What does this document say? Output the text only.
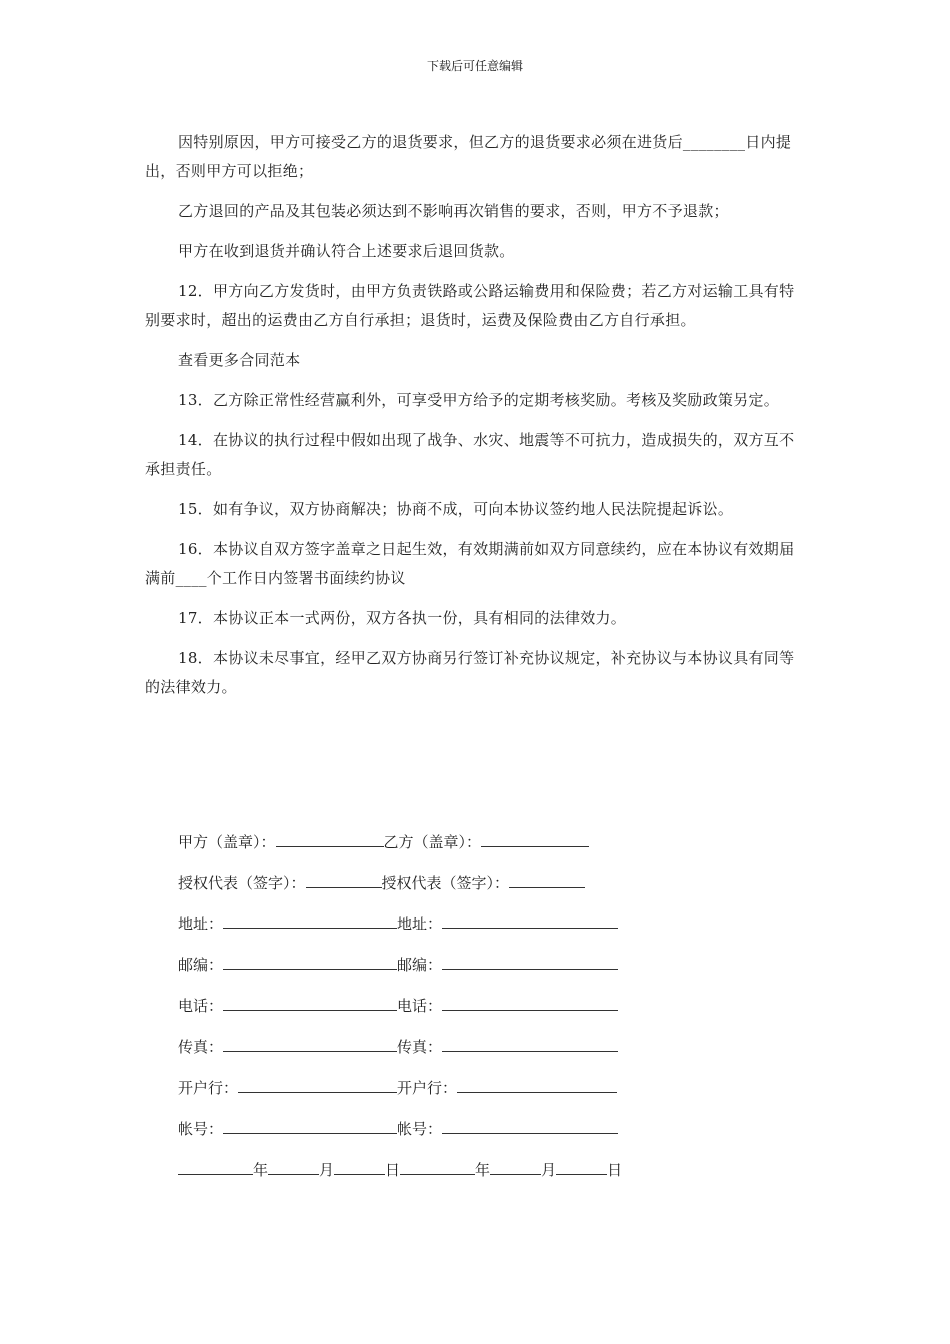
下载后可任意编辑

因特别原因，甲方可接受乙方的退货要求，但乙方的退货要求必须在进货后________日内提出，否则甲方可以拒绝；

乙方退回的产品及其包装必须达到不影响再次销售的要求，否则，甲方不予退款；

甲方在收到退货并确认符合上述要求后退回货款。

12．甲方向乙方发货时，由甲方负责铁路或公路运输费用和保险费；若乙方对运输工具有特别要求时，超出的运费由乙方自行承担；退货时，运费及保险费由乙方自行承担。

查看更多合同范本

13．乙方除正常性经营赢利外，可享受甲方给予的定期考核奖励。考核及奖励政策另定。

14．在协议的执行过程中假如出现了战争、水灾、地震等不可抗力，造成损失的，双方互不承担责任。

15．如有争议，双方协商解决；协商不成，可向本协议签约地人民法院提起诉讼。

16．本协议自双方签字盖章之日起生效，有效期满前如双方同意续约，应在本协议有效期届满前____个工作日内签署书面续约协议

17．本协议正本一式两份，双方各执一份，具有相同的法律效力。

18．本协议未尽事宜，经甲乙双方协商另行签订补充协议规定，补充协议与本协议具有同等的法律效力。

甲方（盖章）：	乙方（盖章）：
授权代表（签字）：	授权代表（签字）：
地址：	地址：
邮编：	邮编：
电话：	电话：
传真：	传真：
开户行：	开户行：
帐号：	帐号：
年	月	日	年	月	日
